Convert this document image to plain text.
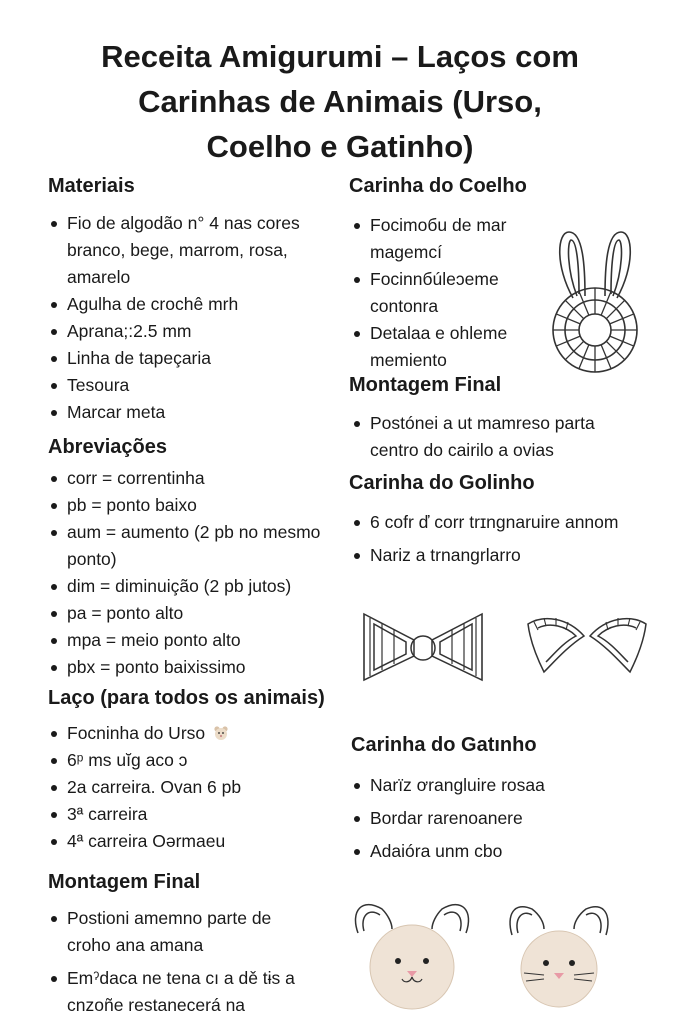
Receita Amigurumi – Laços com
Carinhas de Animais (Urso,
Coelho e Gatinho)
Materiais
Fio de algodão n° 4 nas cores branco, bege, marrom, rosa, amarelo
Agulha de crochê mrh
Aprana;:2.5 mm
Linha de tapeçaria
Tesoura
Marcar meta
Abreviações
corr = correntinha
pb = ponto baixo
aum = aumento (2 pb no mesmo ponto)
dim = diminuição (2 pb jutos)
pa = ponto alto
mpa = meio ponto alto
pbx = ponto baixissimo
Laço (para todos os animais)
Focninha do Urso
6ᵖ ms uĭg aco ɔ
2a carreira. Ovan 6 pb
3ª carreira
4ª carreira Oərmaeu
Montagem Final
Postioni amemno parte de croho ana amana
Emˀdaca ne tena cı a dě tɨs a cnzoñe restanecerá na
Carinha do Coelho
Focimoбu de mar magemcí
Focinnбúleɔeme contonra
Detalaa e ohleme memiento
Montagem Final
Postónei a ut mamreso parta centro do cairilo a ovias
Carinha do Golinho
6 cofr ď corr trɪngnaruire annom
Nariz a trnangrlarro
Carinha do Gatınho
Narïz ơrangluire rosaa
Bordar rarenoanere
Adaióra unm cbo
